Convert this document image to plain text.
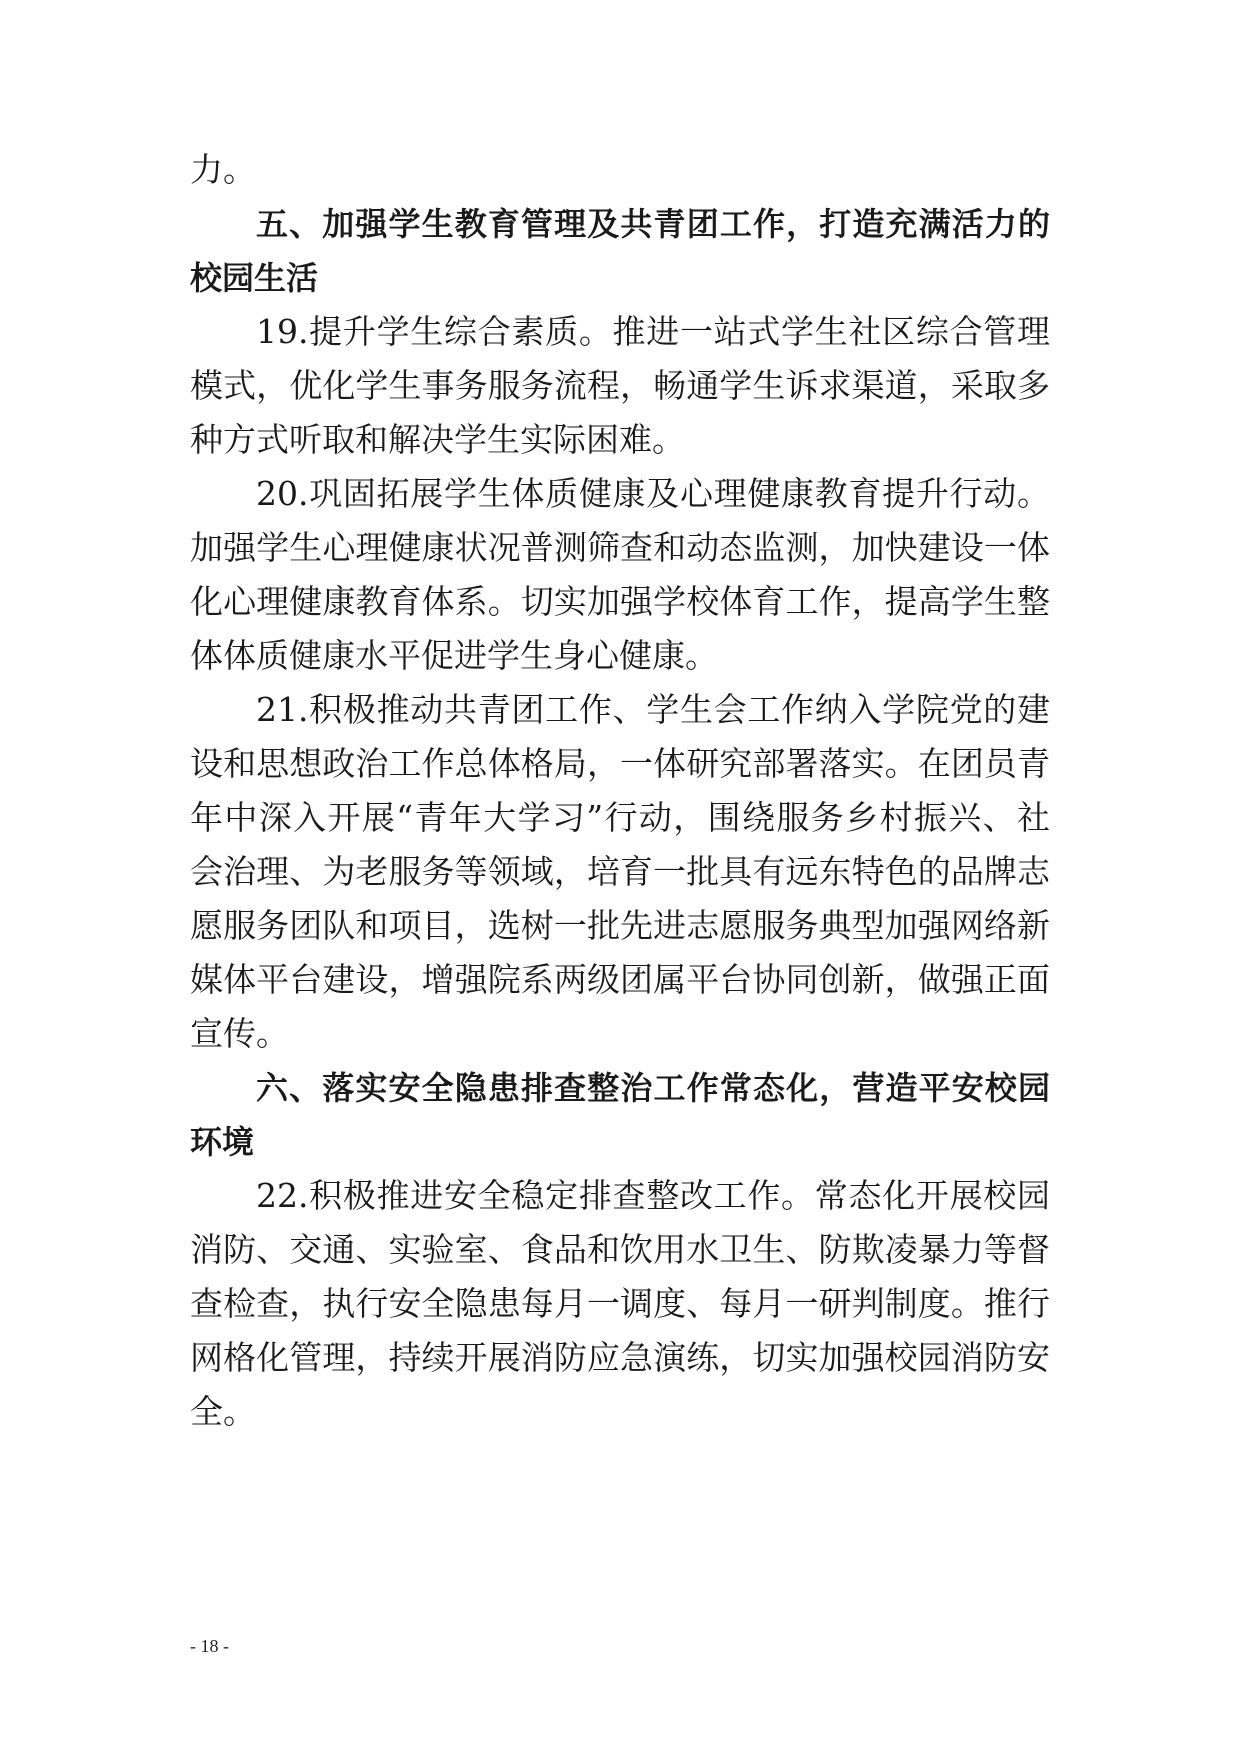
力。
五、加强学生教育管理及共青团工作，打造充满活力的
校园生活
19.提升学生综合素质。推进一站式学生社区综合管理
模式，优化学生事务服务流程，畅通学生诉求渠道，采取多
种方式听取和解决学生实际困难。
20.巩固拓展学生体质健康及心理健康教育提升行动。
加强学生心理健康状况普测筛查和动态监测，加快建设一体
化心理健康教育体系。切实加强学校体育工作，提高学生整
体体质健康水平促进学生身心健康。
21.积极推动共青团工作、学生会工作纳入学院党的建
设和思想政治工作总体格局，一体研究部署落实。在团员青
年中深入开展“青年大学习”行动，围绕服务乡村振兴、社
会治理、为老服务等领域，培育一批具有远东特色的品牌志
愿服务团队和项目，选树一批先进志愿服务典型加强网络新
媒体平台建设，增强院系两级团属平台协同创新，做强正面
宣传。
六、落实安全隐患排查整治工作常态化，营造平安校园
环境
22.积极推进安全稳定排查整改工作。常态化开展校园
消防、交通、实验室、食品和饮用水卫生、防欺凌暴力等督
查检查，执行安全隐患每月一调度、每月一研判制度。推行
网格化管理，持续开展消防应急演练，切实加强校园消防安
全。
- 18 -
